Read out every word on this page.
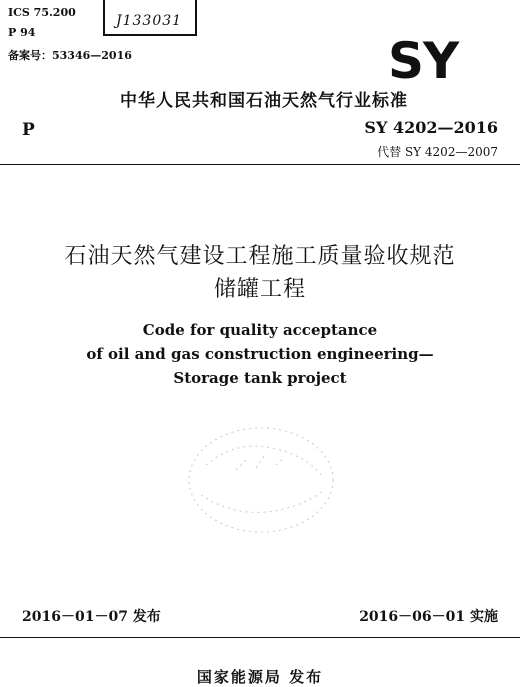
J133031
ICS 75.200
P 94
备案号：53346—2016	SY
中华人民共和国石油天然气行业标准
P	SY 4202—2016
代替 SY 4202—2007
石油天然气建设工程施工质量验收规范
储罐工程
Code for quality acceptance
of oil and gas construction engineering—
Storage tank project
2016－01－07 发布	2016－06－01 实施
国家能源局 发布
